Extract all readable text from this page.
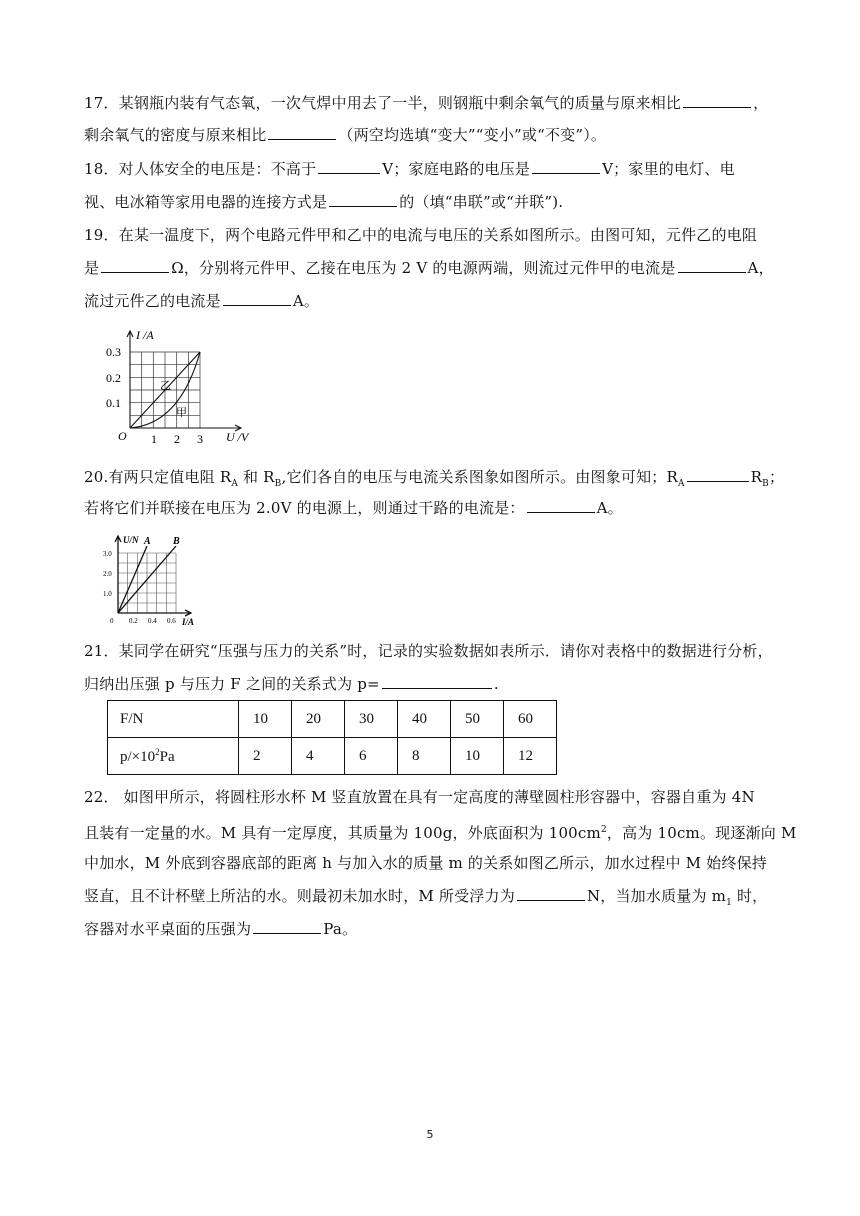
17．某钢瓶内装有气态氧，一次气焊中用去了一半，则钢瓶中剩余氧气的质量与原来相比	，
剩余氧气的密度与原来相比	（两空均选填“变大”“变小”或“不变”）。
18．对人体安全的电压是：不高于	V；家庭电路的电压是	V；家里的电灯、电
视、电冰箱等家用电器的连接方式是	的（填“串联”或“并联”).
19．在某一温度下，两个电路元件甲和乙中的电流与电压的关系如图所示。由图可知，元件乙的电阻
是	Ω，分别将元件甲、乙接在电压为 2 V 的电源两端，则流过元件甲的电流是	A，
流过元件乙的电流是	A。
I /A
U /V
O
0.3
0.2
0.1
1 2 3
乙
甲
20.有两只定值电阻 $R_A$ 和 $R_B$,它们各自的电压与电流关系图象如图所示。由图象可知；$R_A$	$R_B$；
若将它们并联接在电压为 2.0V 的电源上，则通过干路的电流是：	A。
U/N
I/A
0
3.0
2.0
1.0
0.2 0.4 0.6
A B
21．某同学在研究“压强与压力的关系”时，记录的实验数据如表所示．请你对表格中的数据进行分析，
归纳出压强 p 与压力 F 之间的关系式为 p=	.
F/N	10	20	30	40	50	60
$p/\times 10^2Pa$	2	4	6	8	10	12
22． 如图甲所示，将圆柱形水杯 M 竖直放置在具有一定高度的薄壁圆柱形容器中，容器自重为 4N
且装有一定量的水。M 具有一定厚度，其质量为 100g，外底面积为 $100cm^2$，高为 10cm。现逐渐向 M
中加水，M 外底到容器底部的距离 h 与加入水的质量 m 的关系如图乙所示，加水过程中 M 始终保持
竖直，且不计杯壁上所沾的水。则最初未加水时，M 所受浮力为	N，当加水质量为 $m_1$ 时，
容器对水平桌面的压强为	Pa。
5
